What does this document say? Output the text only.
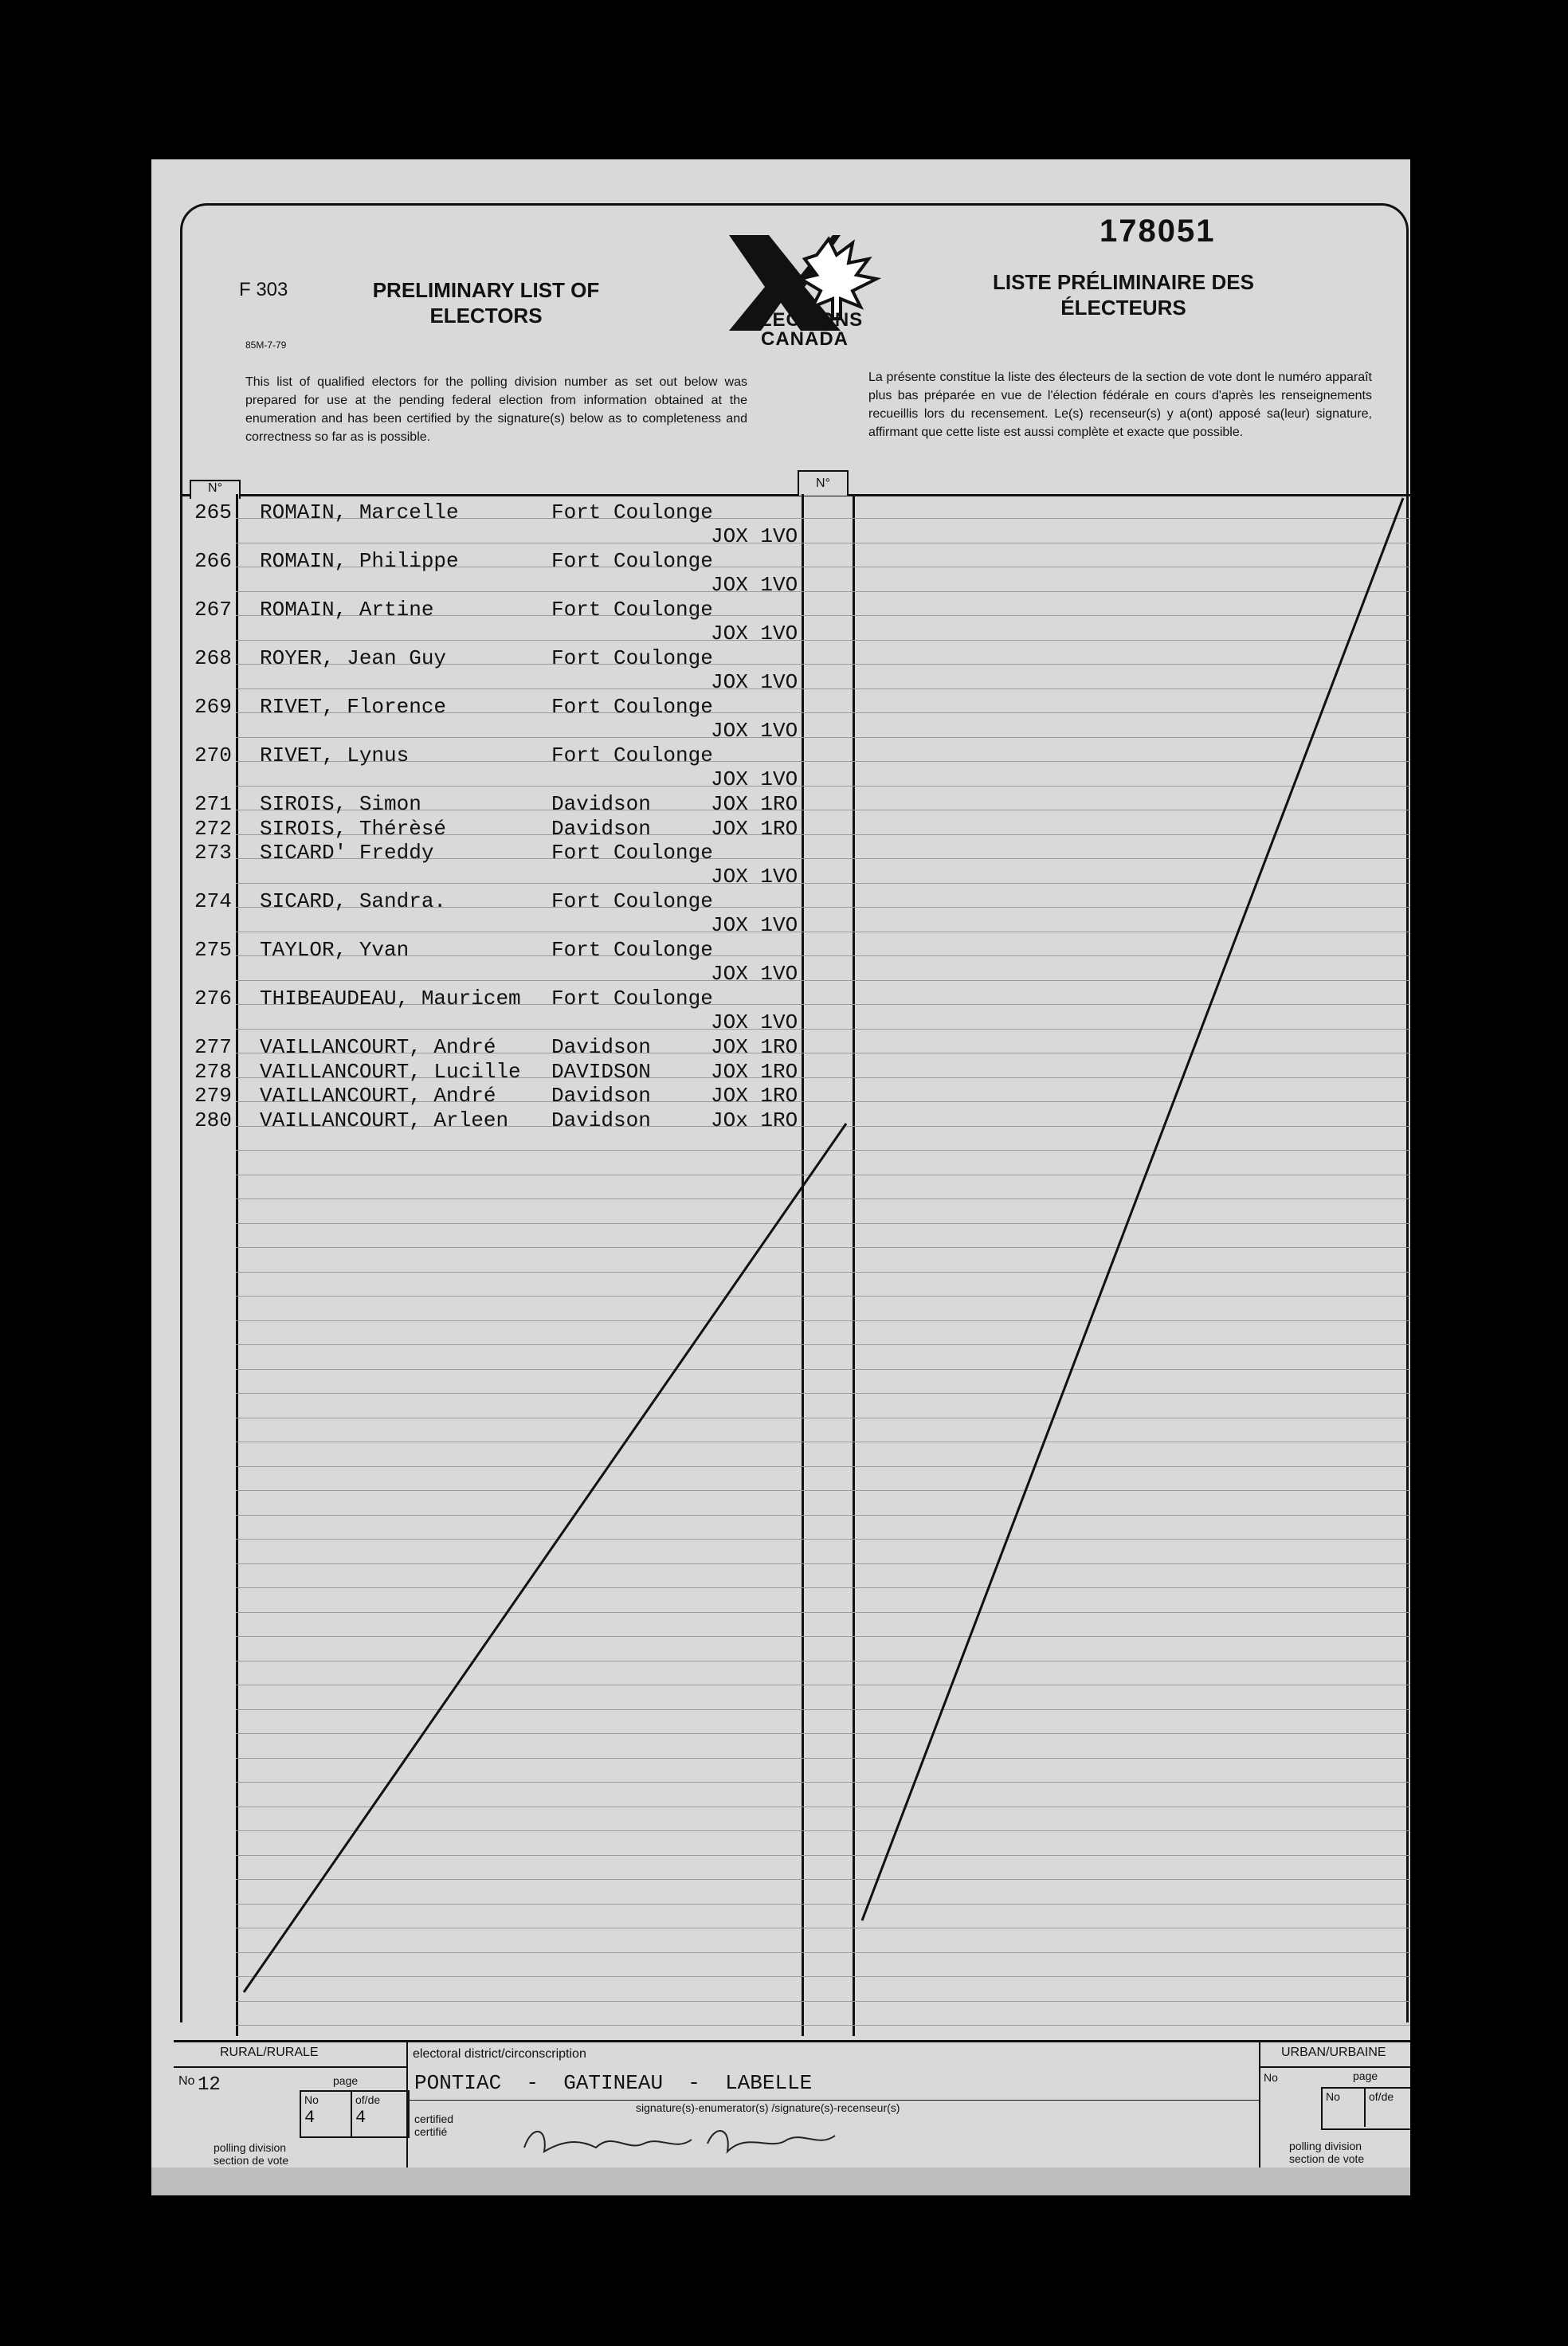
178051
F 303	PRELIMINARY LIST OF
ELECTORS
LISTE PRÉLIMINAIRE DES
ÉLECTEURS
85M-7-79
ELECTIONS
CANADA
This list of qualified electors for the polling division number as set out below was prepared for use at the pending federal election from information obtained at the enumeration and has been certified by the signature(s) below as to completeness and correctness so far as is possible.
La présente constitue la liste des électeurs de la section de vote dont le numéro apparaît plus bas préparée en vue de l'élection fédérale en cours d'après les renseignements recueillis lors du recensement. Le(s) recenseur(s) y a(ont) apposé sa(leur) signature, affirmant que cette liste est aussi complète et exacte que possible.
N°	N°
265 ROMAIN, Marcelle	Fort Coulonge
JOX 1VO
266 ROMAIN, Philippe	Fort Coulonge
JOX 1VO
267 ROMAIN, Artine	Fort Coulonge
JOX 1VO
268 ROYER, Jean Guy	Fort Coulonge
JOX 1VO
269 RIVET, Florence	Fort Coulonge
JOX 1VO
270 RIVET, Lynus	Fort Coulonge
JOX 1VO
271 SIROIS, Simon	Davidson	JOX 1RO
272 SIROIS, Thérèsé	Davidson	JOX 1RO
273 SICARD' Freddy	Fort Coulonge
JOX 1VO
274 SICARD, Sandra.	Fort Coulonge
JOX 1VO
275 TAYLOR, Yvan	Fort Coulonge
JOX 1VO
276 THIBEAUDEAU, Mauricem Fort Coulonge
JOX 1VO
277 VAILLANCOURT, André	Davidson	JOX 1RO
278 VAILLANCOURT, Lucille DAVIDSON	JOX 1RO
279 VAILLANCOURT, André	Davidson	JOX 1RO
280 VAILLANCOURT, Arleen Davidson	JOx 1RO
RURAL/RURALE
No 12	page
No
4
of/de
4
polling division
section de vote
electoral district/circonscription
PONTIAC  -  GATINEAU  -  LABELLE
certified
certifié
signature(s)-enumerator(s) /signature(s)-recenseur(s)
URBAN/URBAINE
No	page
No	of/de
polling division
section de vote
